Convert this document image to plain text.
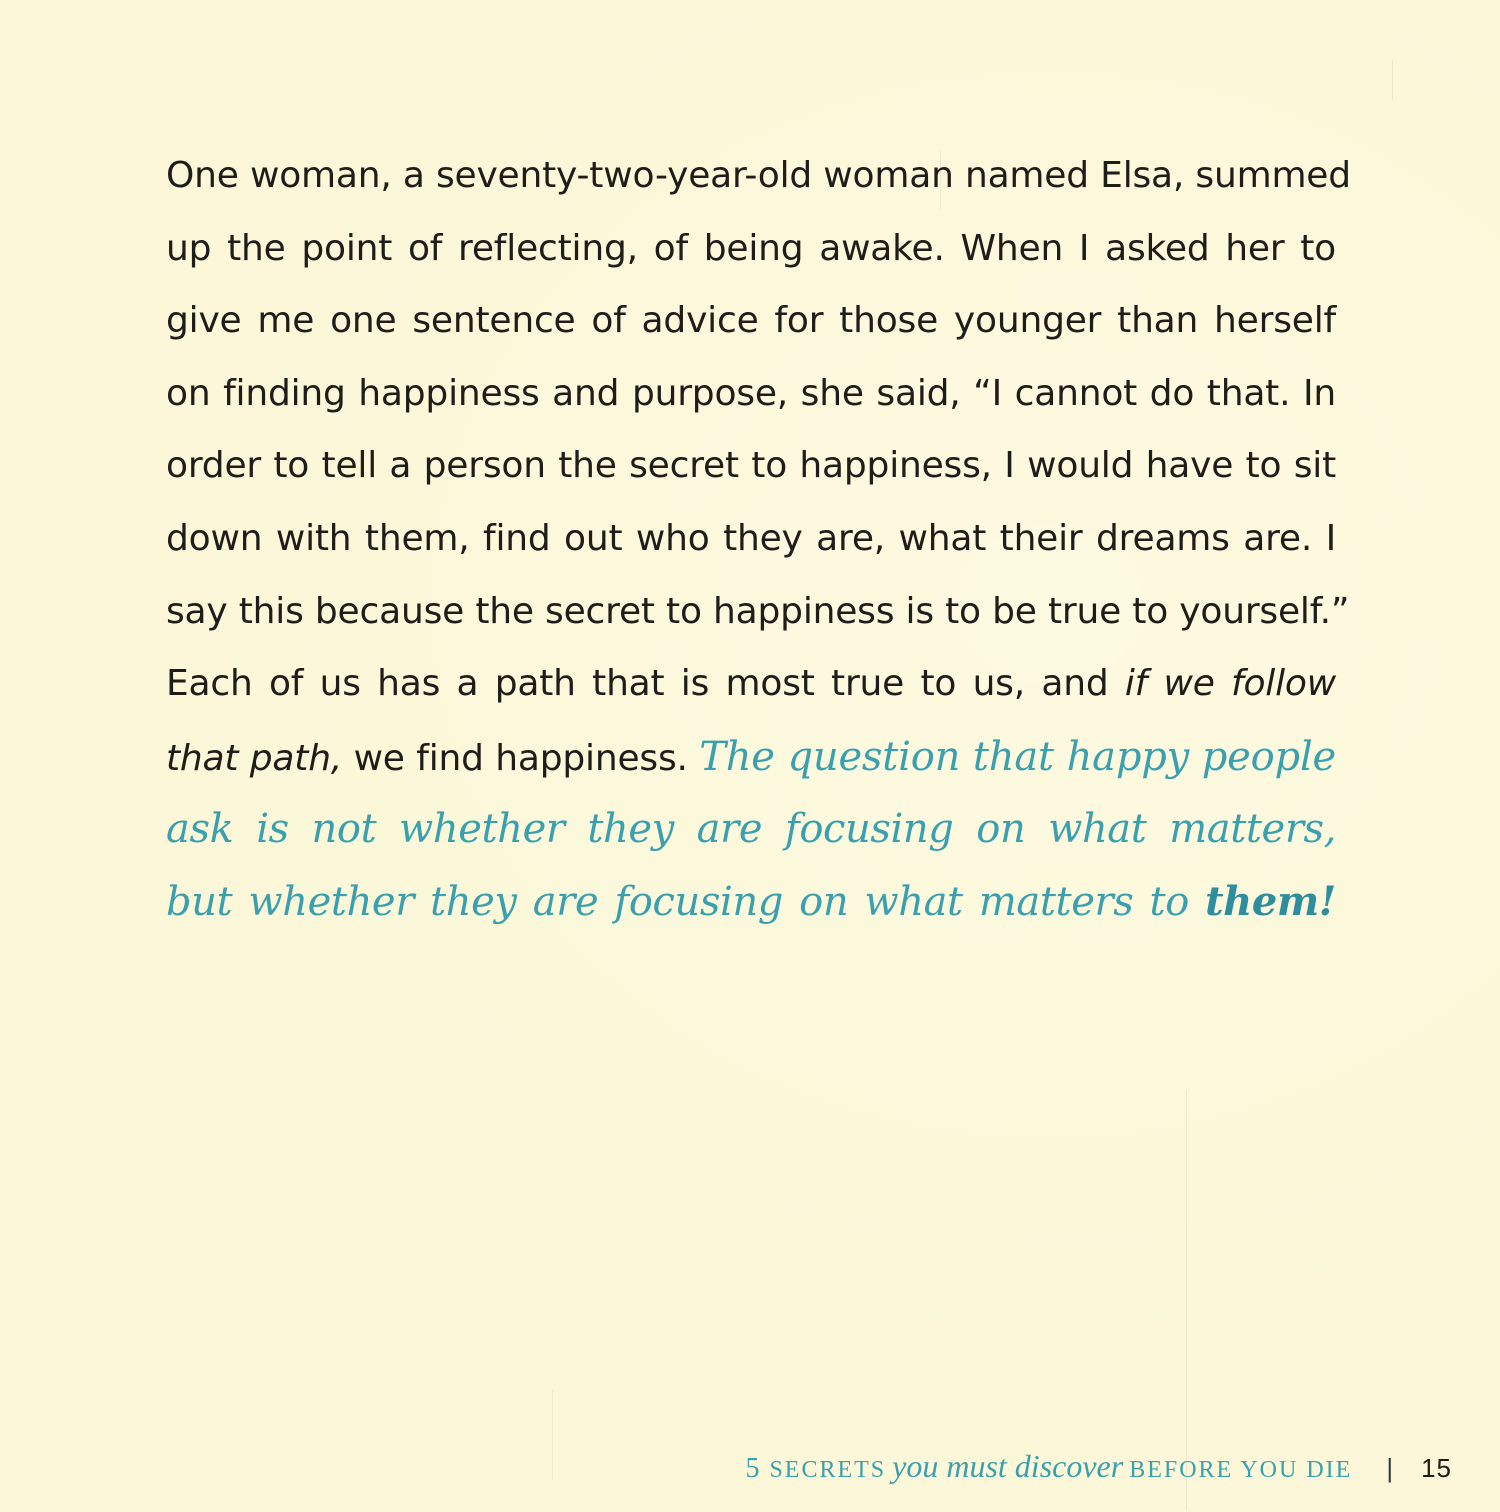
One woman, a seventy-two-year-old woman named Elsa, summed
up the point of reflecting, of being awake. When I asked her to
give me one sentence of advice for those younger than herself
on finding happiness and purpose, she said, “I cannot do that. In
order to tell a person the secret to happiness, I would have to sit
down with them, find out who they are, what their dreams are. I
say this because the secret to happiness is to be true to yourself.”
Each of us has a path that is most true to us, and if we follow
that path, we find happiness. The question that happy people
ask is not whether they are focusing on what matters,
but whether they are focusing on what matters to them!
5 SECRETS you must discover BEFORE YOU DIE | 15
